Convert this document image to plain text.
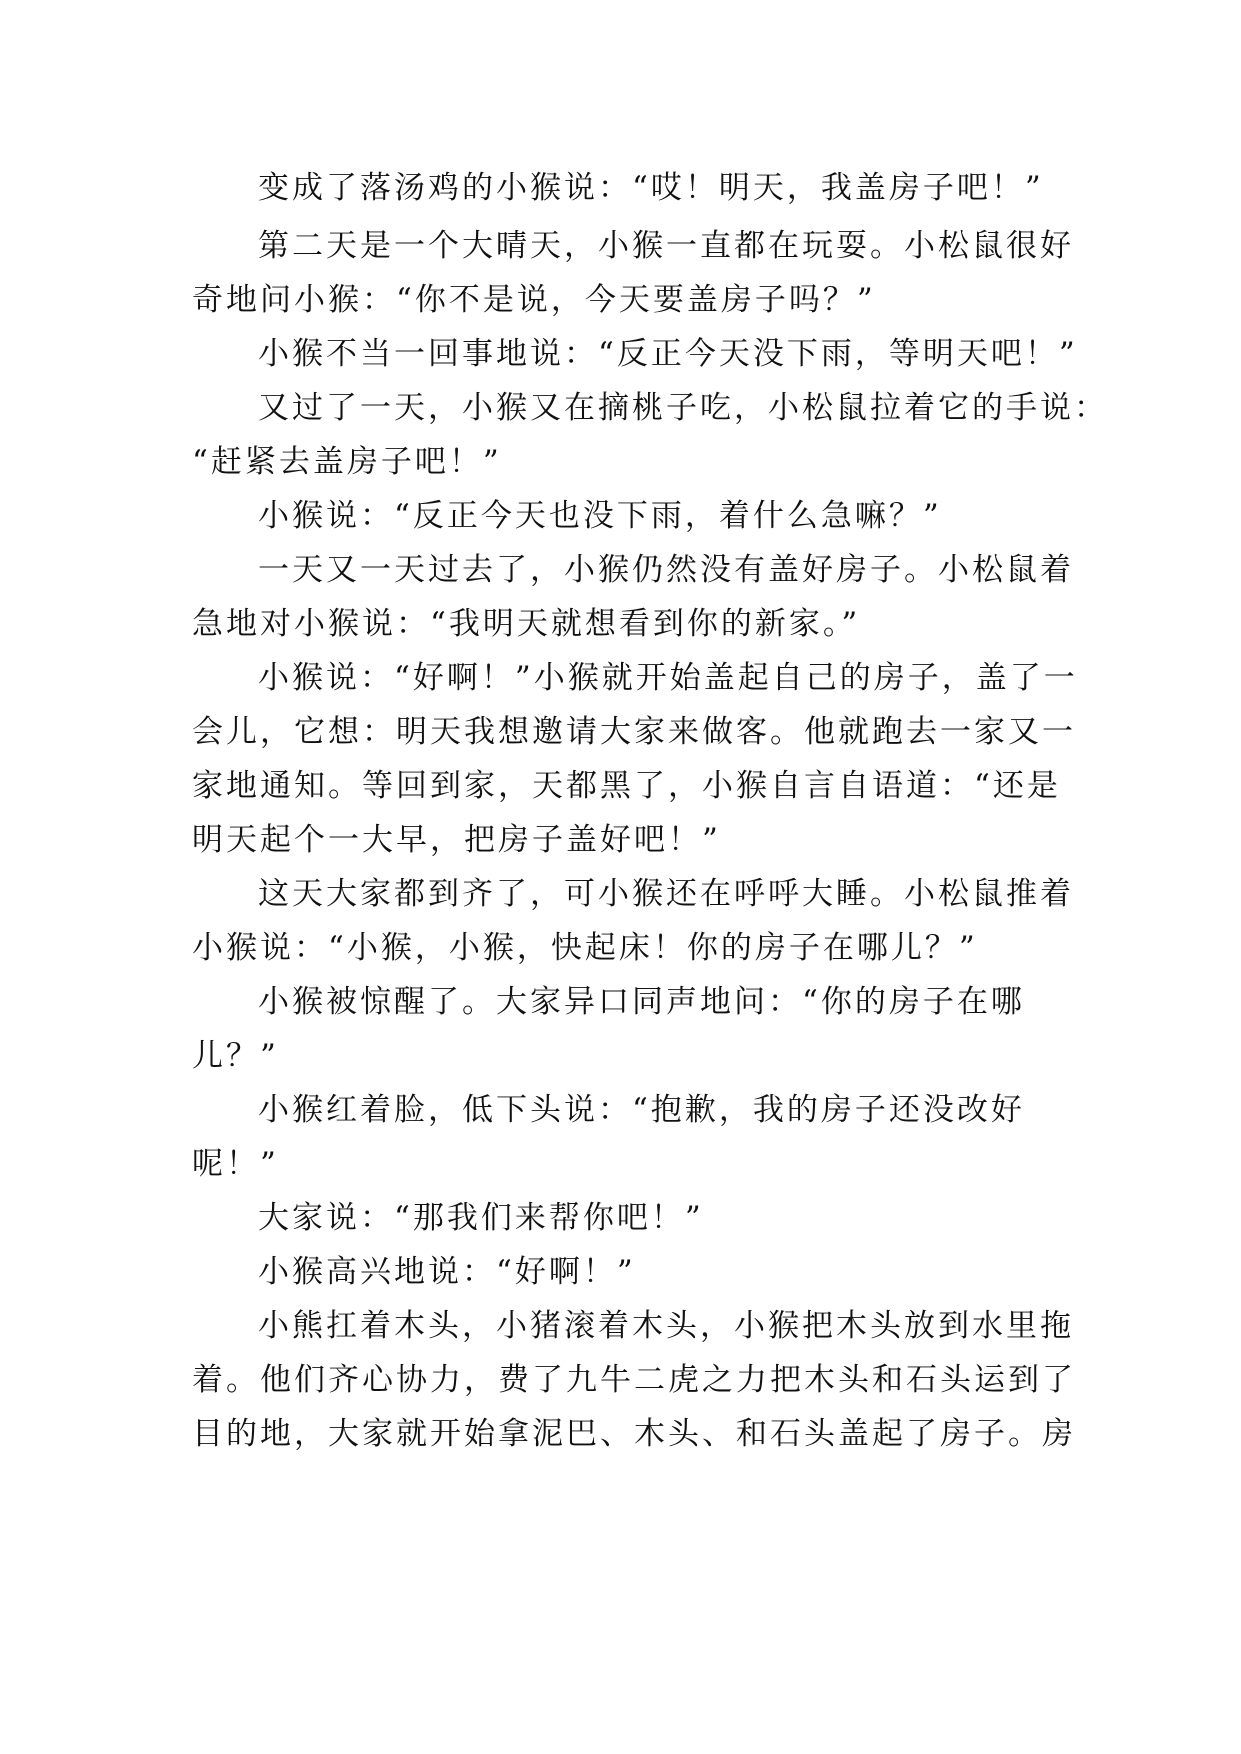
变成了落汤鸡的小猴说：“哎！明天，我盖房子吧！”
第二天是一个大晴天，小猴一直都在玩耍。小松鼠很好
奇地问小猴：“你不是说，今天要盖房子吗？”
小猴不当一回事地说：“反正今天没下雨，等明天吧！”
又过了一天，小猴又在摘桃子吃，小松鼠拉着它的手说：
“赶紧去盖房子吧！”
小猴说：“反正今天也没下雨，着什么急嘛？”
一天又一天过去了，小猴仍然没有盖好房子。小松鼠着
急地对小猴说：“我明天就想看到你的新家。”
小猴说：“好啊！”小猴就开始盖起自己的房子，盖了一
会儿，它想：明天我想邀请大家来做客。他就跑去一家又一
家地通知。等回到家，天都黑了，小猴自言自语道：“还是
明天起个一大早，把房子盖好吧！”
这天大家都到齐了，可小猴还在呼呼大睡。小松鼠推着
小猴说：“小猴，小猴，快起床！你的房子在哪儿？”
小猴被惊醒了。大家异口同声地问：“你的房子在哪
儿？”
小猴红着脸，低下头说：“抱歉，我的房子还没改好
呢！”
大家说：“那我们来帮你吧！”
小猴高兴地说：“好啊！”
小熊扛着木头，小猪滚着木头，小猴把木头放到水里拖
着。他们齐心协力，费了九牛二虎之力把木头和石头运到了
目的地，大家就开始拿泥巴、木头、和石头盖起了房子。房
